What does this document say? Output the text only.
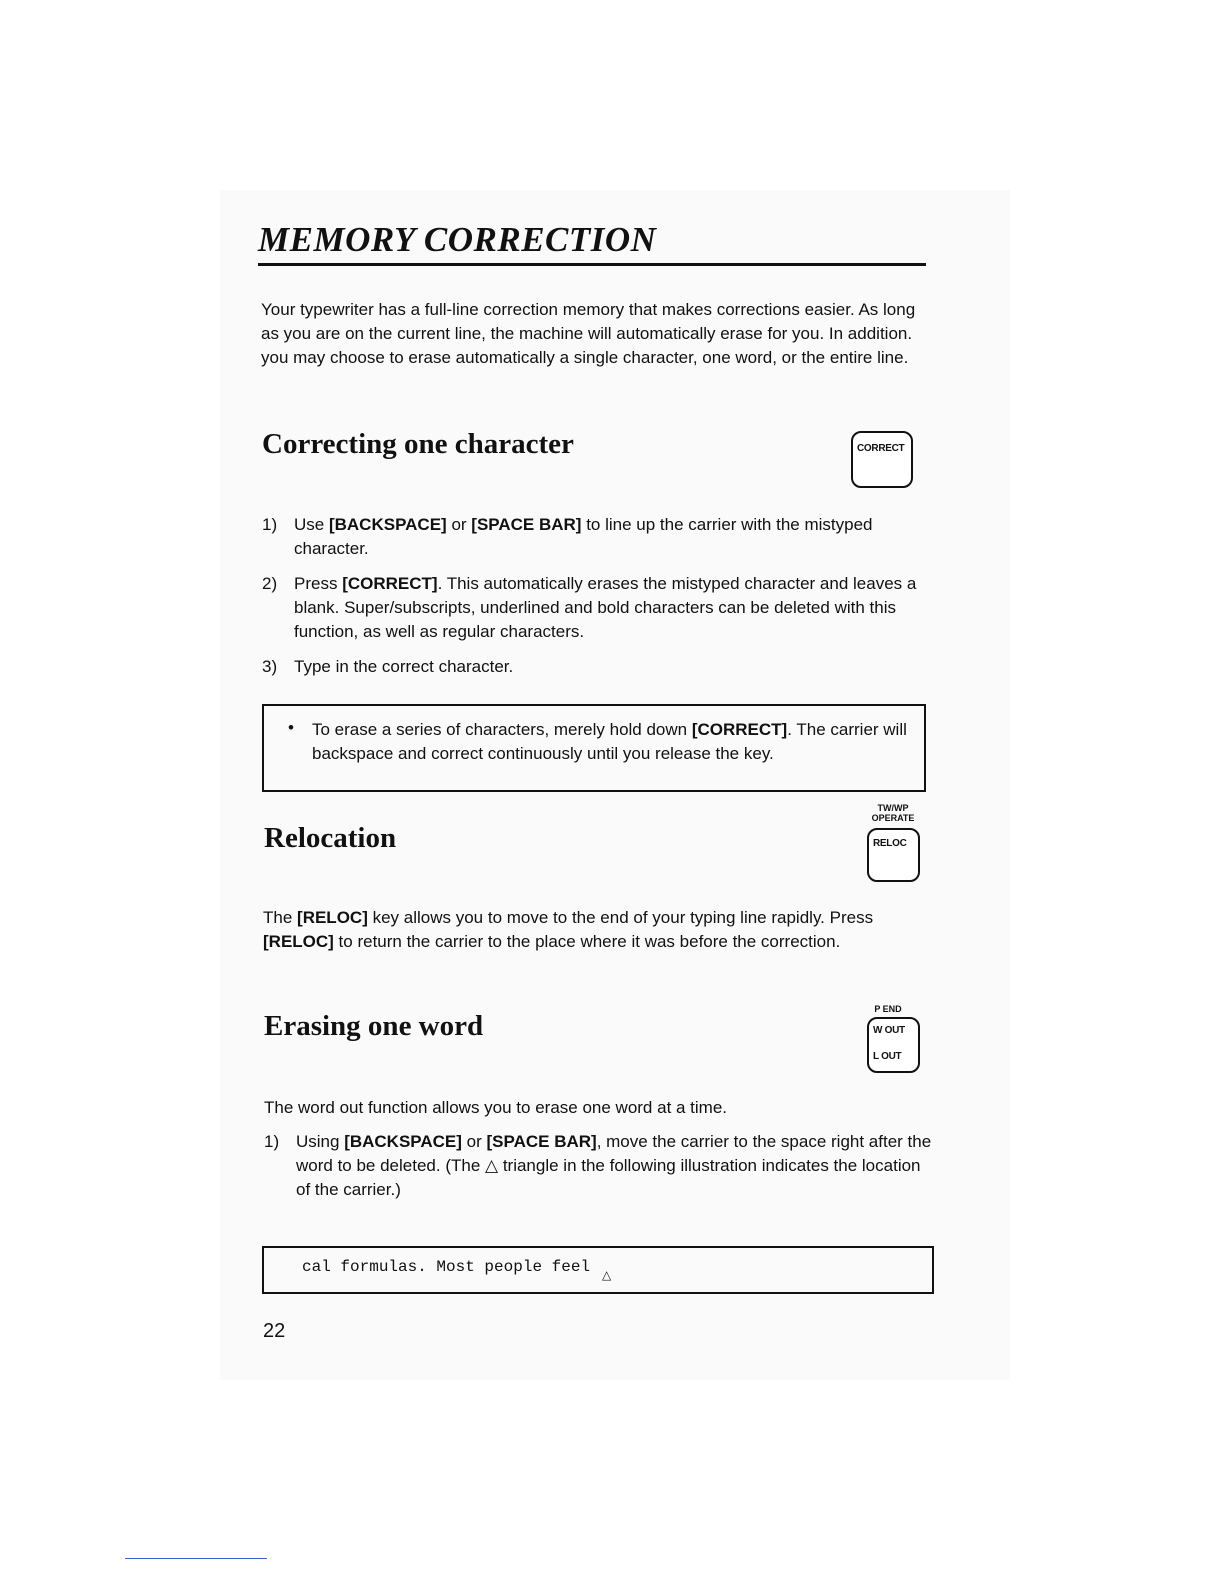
MEMORY CORRECTION
Your typewriter has a full-line correction memory that makes corrections easier. As long as you are on the current line, the machine will automatically erase for you. In addition. you may choose to erase automatically a single character, one word, or the entire line.
Correcting one character	CORRECT
1) Use [BACKSPACE] or [SPACE BAR] to line up the carrier with the mistyped character.
2) Press [CORRECT]. This automatically erases the mistyped character and leaves a blank. Super/subscripts, underlined and bold characters can be deleted with this function, as well as regular characters.
3) Type in the correct character.
• To erase a series of characters, merely hold down [CORRECT]. The carrier will backspace and correct continuously until you release the key.
TW/WP
OPERATE
Relocation	RELOC
The [RELOC] key allows you to move to the end of your typing line rapidly. Press [RELOC] to return the carrier to the place where it was before the correction.
P END
Erasing one word	W OUT
L OUT
The word out function allows you to erase one word at a time.
1) Using [BACKSPACE] or [SPACE BAR], move the carrier to the space right after the word to be deleted. (The △ triangle in the following illustration indicates the location of the carrier.)
cal formulas. Most people feel △
22
